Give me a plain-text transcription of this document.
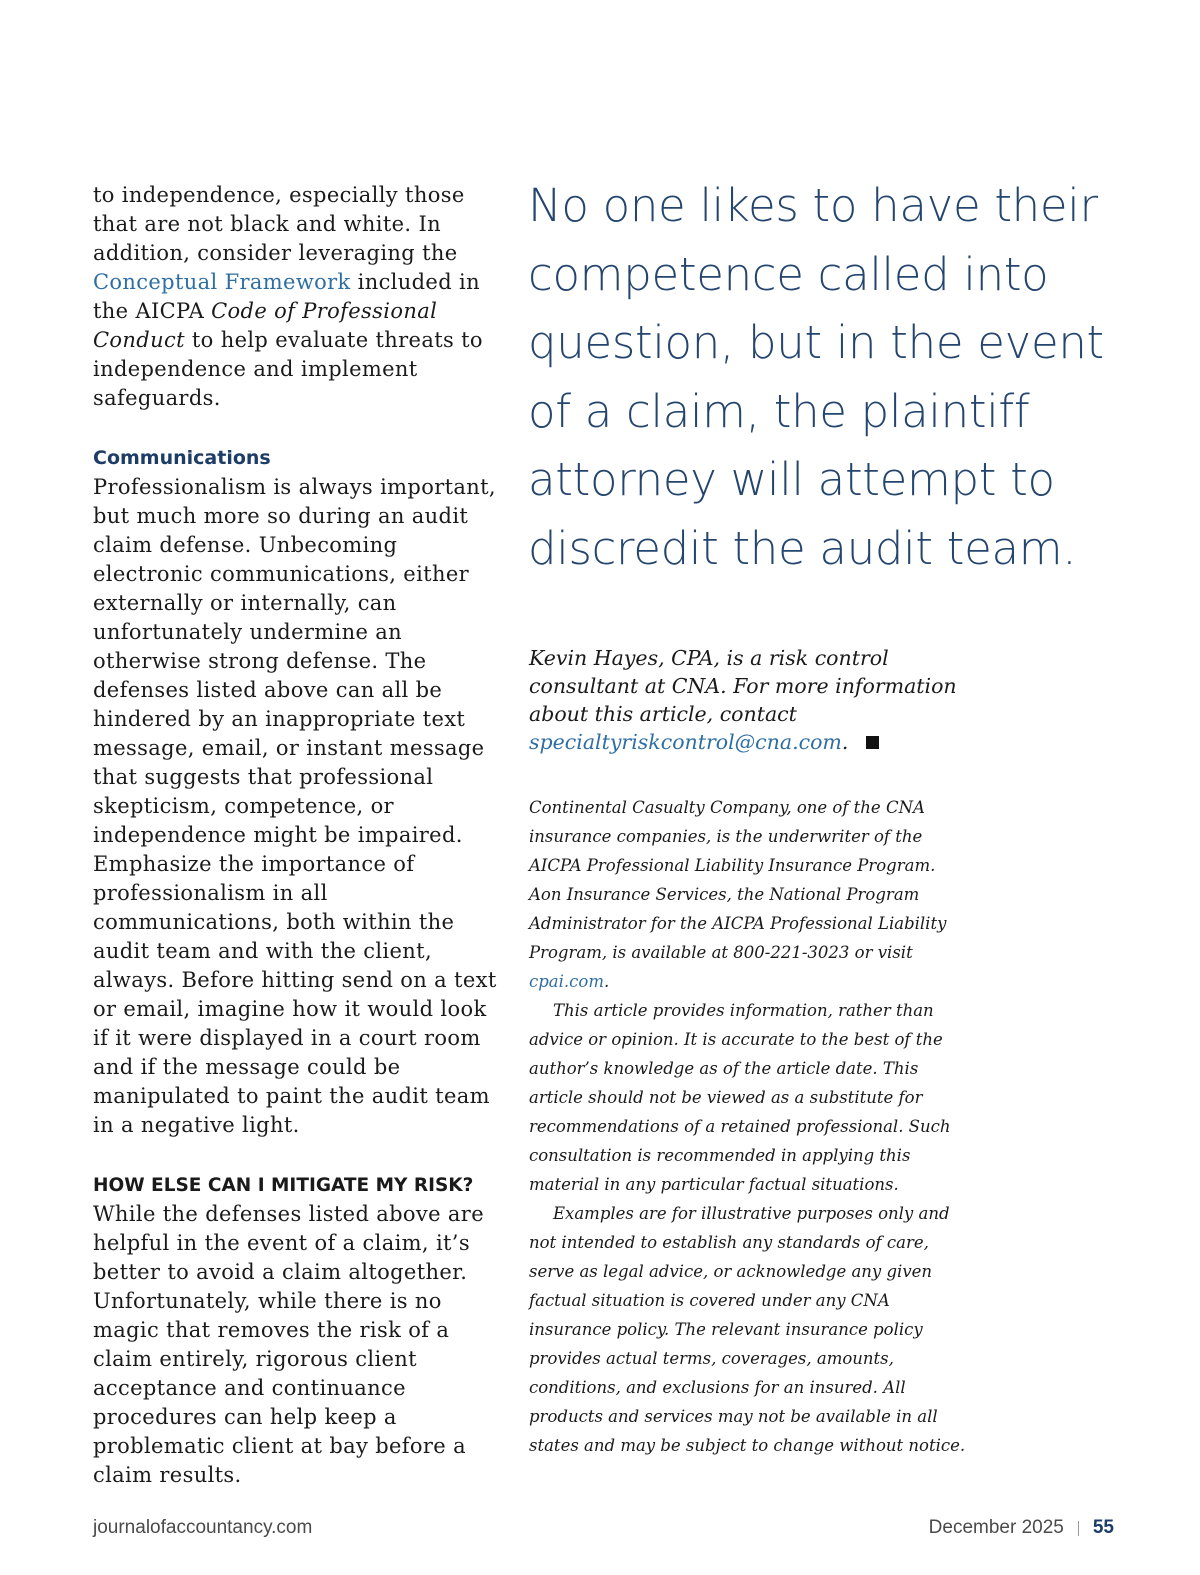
to independence, especially those that are not black and white. In addition, consider leveraging the Conceptual Framework included in the AICPA Code of Professional Conduct to help evaluate threats to independence and implement safeguards.

Communications

Professionalism is always important, but much more so during an audit claim defense. Unbecoming electronic communications, either externally or internally, can unfortunately undermine an otherwise strong defense. The defenses listed above can all be hindered by an inappropriate text message, email, or instant message that suggests that professional skepticism, competence, or independence might be impaired. Emphasize the importance of professionalism in all communications, both within the audit team and with the client, always. Before hitting send on a text or email, imagine how it would look if it were displayed in a court room and if the message could be manipulated to paint the audit team in a negative light.

HOW ELSE CAN I MITIGATE MY RISK?

While the defenses listed above are helpful in the event of a claim, it’s better to avoid a claim altogether. Unfortunately, while there is no magic that removes the risk of a claim entirely, rigorous client acceptance and continuance procedures can help keep a problematic client at bay before a claim results.

No one likes to have their competence called into question, but in the event of a claim, the plaintiff attorney will attempt to discredit the audit team.
Kevin Hayes, CPA, is a risk control consultant at CNA. For more information about this article, contact specialtyriskcontrol@cna.com.

Continental Casualty Company, one of the CNA insurance companies, is the underwriter of the AICPA Professional Liability Insurance Program. Aon Insurance Services, the National Program Administrator for the AICPA Professional Liability Program, is available at 800-221-3023 or visit cpai.com.

This article provides information, rather than advice or opinion. It is accurate to the best of the author’s knowledge as of the article date. This article should not be viewed as a substitute for recommendations of a retained professional. Such consultation is recommended in applying this material in any particular factual situations.

Examples are for illustrative purposes only and not intended to establish any standards of care, serve as legal advice, or acknowledge any given factual situation is covered under any CNA insurance policy. The relevant insurance policy provides actual terms, coverages, amounts, conditions, and exclusions for an insured. All products and services may not be available in all states and may be subject to change without notice.

journalofaccountancy.com	December 2025 55
